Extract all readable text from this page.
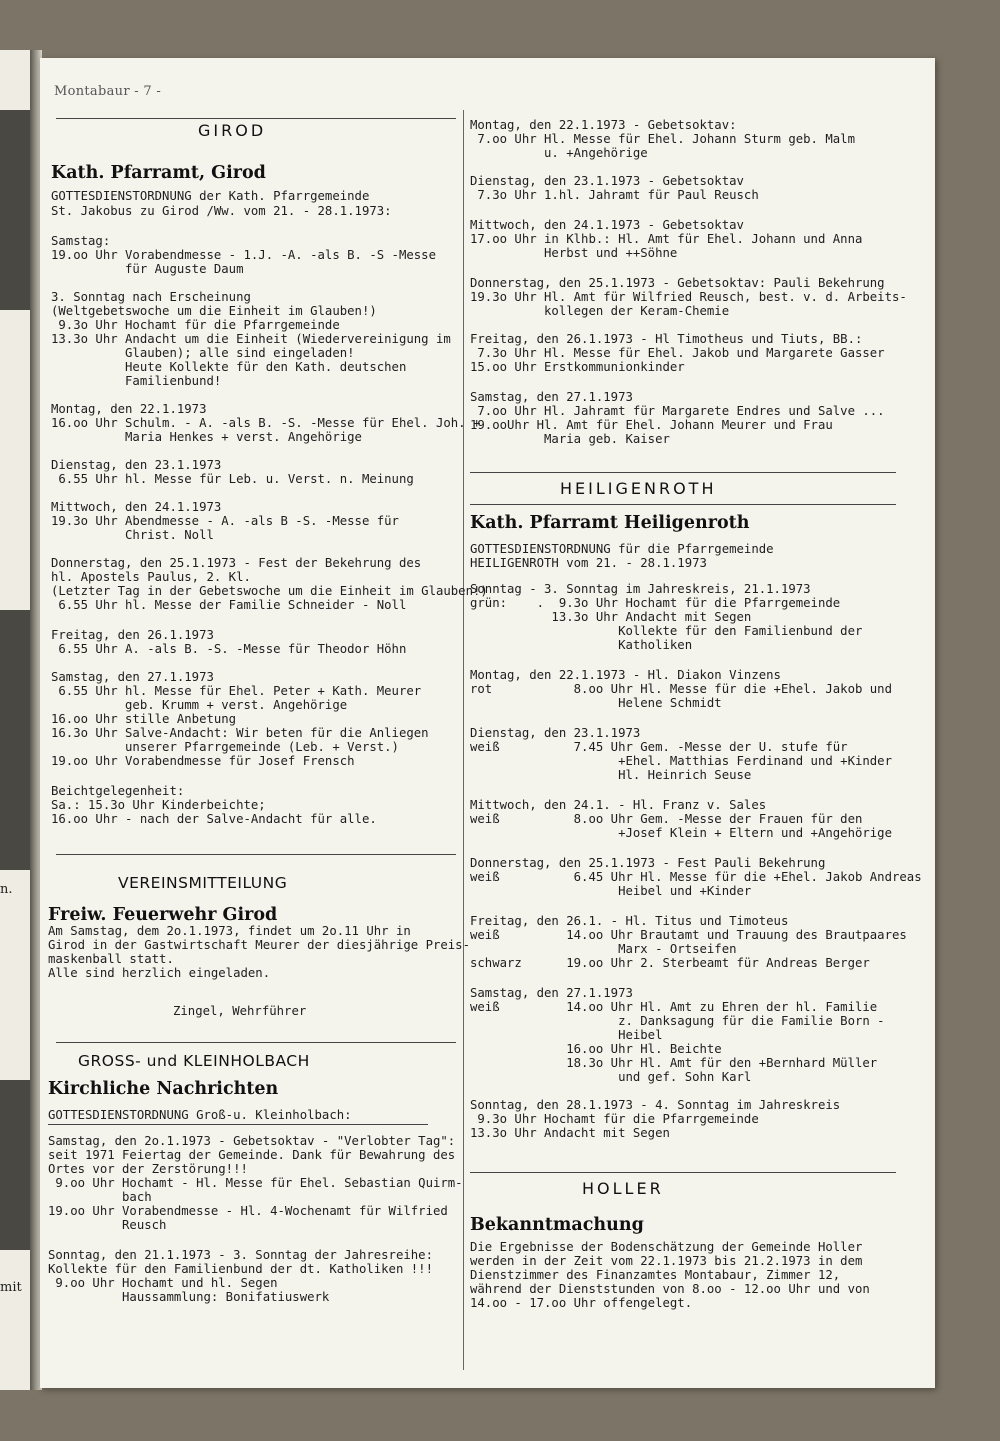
n.
mit
Montabaur - 7 -
GIROD
Kath. Pfarramt, Girod
GOTTESDIENSTORDNUNG der Kath. Pfarrgemeinde
St. Jakobus zu Girod /Ww. vom 21. - 28.1.1973:
Samstag:
19.oo Uhr Vorabendmesse - 1.J. -A. -als B. -S -Messe
für Auguste Daum
3. Sonntag nach Erscheinung
(Weltgebetswoche um die Einheit im Glauben!)
9.3o Uhr Hochamt für die Pfarrgemeinde
13.3o Uhr Andacht um die Einheit (Wiedervereinigung im
Glauben); alle sind eingeladen!
Heute Kollekte für den Kath. deutschen
Familienbund!
Montag, den 22.1.1973
16.oo Uhr Schulm. - A. -als B. -S. -Messe für Ehel. Joh. +
Maria Henkes + verst. Angehörige
Dienstag, den 23.1.1973
6.55 Uhr hl. Messe für Leb. u. Verst. n. Meinung
Mittwoch, den 24.1.1973
19.3o Uhr Abendmesse - A. -als B -S. -Messe für
Christ. Noll
Donnerstag, den 25.1.1973 - Fest der Bekehrung des
hl. Apostels Paulus, 2. Kl.
(Letzter Tag in der Gebetswoche um die Einheit im Glauben!)
6.55 Uhr hl. Messe der Familie Schneider - Noll
Freitag, den 26.1.1973
6.55 Uhr A. -als B. -S. -Messe für Theodor Höhn
Samstag, den 27.1.1973
6.55 Uhr hl. Messe für Ehel. Peter + Kath. Meurer
geb. Krumm + verst. Angehörige
16.oo Uhr stille Anbetung
16.3o Uhr Salve-Andacht: Wir beten für die Anliegen
unserer Pfarrgemeinde (Leb. + Verst.)
19.oo Uhr Vorabendmesse für Josef Frensch
Beichtgelegenheit:
Sa.: 15.3o Uhr Kinderbeichte;
16.oo Uhr - nach der Salve-Andacht für alle.
VEREINSMITTEILUNG
Freiw. Feuerwehr Girod
Am Samstag, dem 2o.1.1973, findet um 2o.11 Uhr in
Girod in der Gastwirtschaft Meurer der diesjährige Preis-
maskenball statt.
Alle sind herzlich eingeladen.
Zingel, Wehrführer
GROSS- und KLEINHOLBACH
Kirchliche Nachrichten
GOTTESDIENSTORDNUNG Groß-u. Kleinholbach:
Samstag, den 2o.1.1973 - Gebetsoktav - "Verlobter Tag":
seit 1971 Feiertag der Gemeinde. Dank für Bewahrung des
Ortes vor der Zerstörung!!!
9.oo Uhr Hochamt - Hl. Messe für Ehel. Sebastian Quirm-
bach
19.oo Uhr Vorabendmesse - Hl. 4-Wochenamt für Wilfried
Reusch
Sonntag, den 21.1.1973 - 3. Sonntag der Jahresreihe:
Kollekte für den Familienbund der dt. Katholiken !!!
9.oo Uhr Hochamt und hl. Segen
Haussammlung: Bonifatiuswerk
Montag, den 22.1.1973 - Gebetsoktav:
7.oo Uhr Hl. Messe für Ehel. Johann Sturm geb. Malm
u. +Angehörige
Dienstag, den 23.1.1973 - Gebetsoktav
7.3o Uhr 1.hl. Jahramt für Paul Reusch
Mittwoch, den 24.1.1973 - Gebetsoktav
17.oo Uhr in Klhb.: Hl. Amt für Ehel. Johann und Anna
Herbst und ++Söhne
Donnerstag, den 25.1.1973 - Gebetsoktav: Pauli Bekehrung
19.3o Uhr Hl. Amt für Wilfried Reusch, best. v. d. Arbeits-
kollegen der Keram-Chemie
Freitag, den 26.1.1973 - Hl Timotheus und Tiuts, BB.:
7.3o Uhr Hl. Messe für Ehel. Jakob und Margarete Gasser
15.oo Uhr Erstkommunionkinder
Samstag, den 27.1.1973
7.oo Uhr Hl. Jahramt für Margarete Endres und Salve ...
19.ooUhr Hl. Amt für Ehel. Johann Meurer und Frau
Maria geb. Kaiser
HEILIGENROTH
Kath. Pfarramt Heiligenroth
GOTTESDIENSTORDNUNG für die Pfarrgemeinde
HEILIGENROTH vom 21. - 28.1.1973
Sonntag - 3. Sonntag im Jahreskreis, 21.1.1973
grün:    .  9.3o Uhr Hochamt für die Pfarrgemeinde
13.3o Uhr Andacht mit Segen
Kollekte für den Familienbund der
Katholiken
Montag, den 22.1.1973 - Hl. Diakon Vinzens
rot           8.oo Uhr Hl. Messe für die +Ehel. Jakob und
Helene Schmidt
Dienstag, den 23.1.1973
weiß          7.45 Uhr Gem. -Messe der U. stufe für
+Ehel. Matthias Ferdinand und +Kinder
Hl. Heinrich Seuse
Mittwoch, den 24.1. - Hl. Franz v. Sales
weiß          8.oo Uhr Gem. -Messe der Frauen für den
+Josef Klein + Eltern und +Angehörige
Donnerstag, den 25.1.1973 - Fest Pauli Bekehrung
weiß          6.45 Uhr Hl. Messe für die +Ehel. Jakob Andreas
Heibel und +Kinder
Freitag, den 26.1. - Hl. Titus und Timoteus
weiß         14.oo Uhr Brautamt und Trauung des Brautpaares
Marx - Ortseifen
schwarz      19.oo Uhr 2. Sterbeamt für Andreas Berger
Samstag, den 27.1.1973
weiß         14.oo Uhr Hl. Amt zu Ehren der hl. Familie
z. Danksagung für die Familie Born -
Heibel
16.oo Uhr Hl. Beichte
18.3o Uhr Hl. Amt für den +Bernhard Müller
und gef. Sohn Karl
Sonntag, den 28.1.1973 - 4. Sonntag im Jahreskreis
9.3o Uhr Hochamt für die Pfarrgemeinde
13.3o Uhr Andacht mit Segen
HOLLER
Bekanntmachung
Die Ergebnisse der Bodenschätzung der Gemeinde Holler
werden in der Zeit vom 22.1.1973 bis 21.2.1973 in dem
Dienstzimmer des Finanzamtes Montabaur, Zimmer 12,
während der Dienststunden von 8.oo - 12.oo Uhr und von
14.oo - 17.oo Uhr offengelegt.
